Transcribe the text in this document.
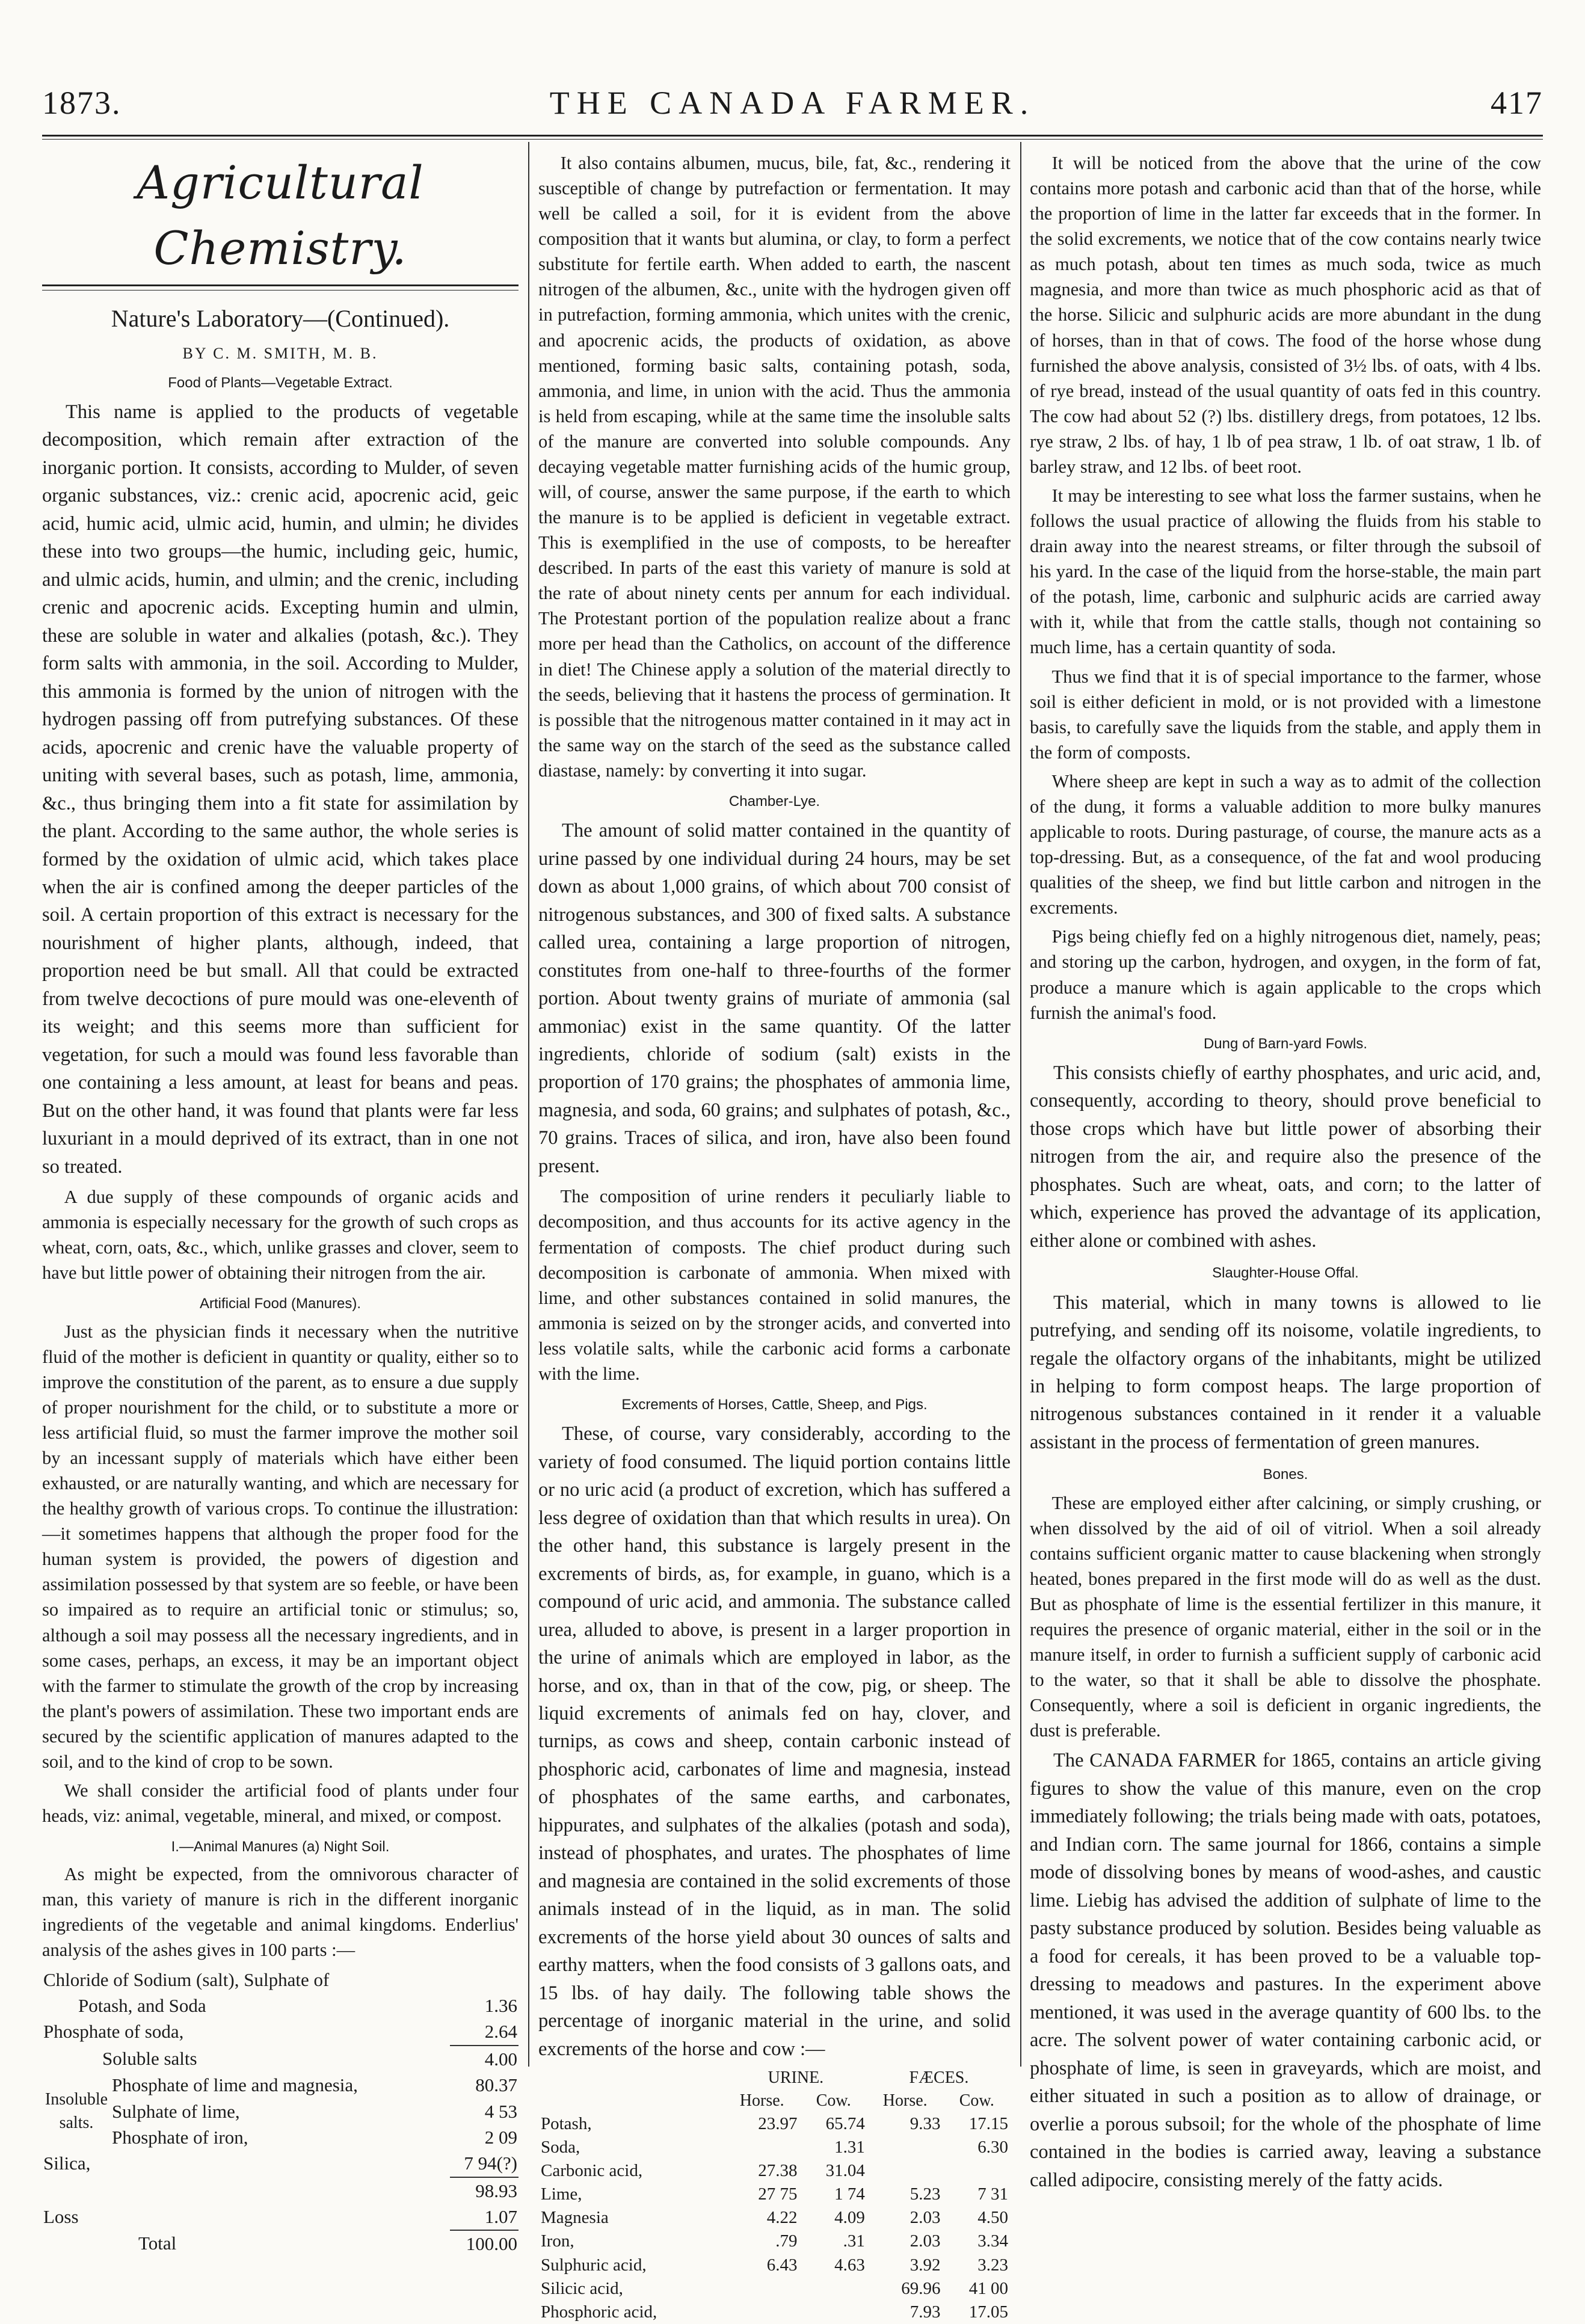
1873.	THE CANADA FARMER.	417
Agricultural Chemistry.
Nature's Laboratory—(Continued).
BY C. M. SMITH, M. B.
Food of Plants—Vegetable Extract.

This name is applied to the products of vegetable decomposition, which remain after extraction of the inorganic portion. It consists, according to Mulder, of seven organic substances, viz.: crenic acid, apocrenic acid, geic acid, humic acid, ulmic acid, humin, and ulmin; he divides these into two groups—the humic, including geic, humic, and ulmic acids, humin, and ulmin; and the crenic, including crenic and apocrenic acids. Excepting humin and ulmin, these are soluble in water and alkalies (potash, &c.). They form salts with ammonia, in the soil. According to Mulder, this ammonia is formed by the union of nitrogen with the hydrogen passing off from putrefying substances. Of these acids, apocrenic and crenic have the valuable property of uniting with several bases, such as potash, lime, ammonia, &c., thus bringing them into a fit state for assimilation by the plant. According to the same author, the whole series is formed by the oxidation of ulmic acid, which takes place when the air is confined among the deeper particles of the soil. A certain proportion of this extract is necessary for the nourishment of higher plants, although, indeed, that proportion need be but small. All that could be extracted from twelve decoctions of pure mould was one-eleventh of its weight; and this seems more than sufficient for vegetation, for such a mould was found less favorable than one containing a less amount, at least for beans and peas. But on the other hand, it was found that plants were far less luxuriant in a mould deprived of its extract, than in one not so treated.

A due supply of these compounds of organic acids and ammonia is especially necessary for the growth of such crops as wheat, corn, oats, &c., which, unlike grasses and clover, seem to have but little power of obtaining their nitrogen from the air.

Artificial Food (Manures).

Just as the physician finds it necessary when the nutritive fluid of the mother is deficient in quantity or quality, either so to improve the constitution of the parent, as to ensure a due supply of proper nourishment for the child, or to substitute a more or less artificial fluid, so must the farmer improve the mother soil by an incessant supply of materials which have either been exhausted, or are naturally wanting, and which are necessary for the healthy growth of various crops. To continue the illustration:—it sometimes happens that although the proper food for the human system is provided, the powers of digestion and assimilation possessed by that system are so feeble, or have been so impaired as to require an artificial tonic or stimulus; so, although a soil may possess all the necessary ingredients, and in some cases, perhaps, an excess, it may be an important object with the farmer to stimulate the growth of the crop by increasing the plant's powers of assimilation. These two important ends are secured by the scientific application of manures adapted to the soil, and to the kind of crop to be sown.

We shall consider the artificial food of plants under four heads, viz: animal, vegetable, mineral, and mixed, or compost.

I.—Animal Manures (a) Night Soil.

As might be expected, from the omnivorous character of man, this variety of manure is rich in the different inorganic ingredients of the vegetable and animal kingdoms. Enderlius' analysis of the ashes gives in 100 parts :—

Chloride of Sodium (salt), Sulphate of		
Potash, and Soda		1.36
Phosphate of soda,		2.64
Soluble salts		4.00
Insoluble salts.	Phosphate of lime and magnesia,	80.37
	Sulphate of lime,	4 53
	Phosphate of iron,	2 09
Silica,		7 94(?)
		98.93
Loss		1.07
Total		100.00

It also contains albumen, mucus, bile, fat, &c., rendering it susceptible of change by putrefaction or fermentation. It may well be called a soil, for it is evident from the above composition that it wants but alumina, or clay, to form a perfect substitute for fertile earth. When added to earth, the nascent nitrogen of the albumen, &c., unite with the hydrogen given off in putrefaction, forming ammonia, which unites with the crenic, and apocrenic acids, the products of oxidation, as above mentioned, forming basic salts, containing potash, soda, ammonia, and lime, in union with the acid. Thus the ammonia is held from escaping, while at the same time the insoluble salts of the manure are converted into soluble compounds. Any decaying vegetable matter furnishing acids of the humic group, will, of course, answer the same purpose, if the earth to which the manure is to be applied is deficient in vegetable extract. This is exemplified in the use of composts, to be hereafter described. In parts of the east this variety of manure is sold at the rate of about ninety cents per annum for each individual. The Protestant portion of the population realize about a franc more per head than the Catholics, on account of the difference in diet! The Chinese apply a solution of the material directly to the seeds, believing that it hastens the process of germination. It is possible that the nitrogenous matter contained in it may act in the same way on the starch of the seed as the substance called diastase, namely: by converting it into sugar.

Chamber-Lye.

The amount of solid matter contained in the quantity of urine passed by one individual during 24 hours, may be set down as about 1,000 grains, of which about 700 consist of nitrogenous substances, and 300 of fixed salts. A substance called urea, containing a large proportion of nitrogen, constitutes from one-half to three-fourths of the former portion. About twenty grains of muriate of ammonia (sal ammoniac) exist in the same quantity. Of the latter ingredients, chloride of sodium (salt) exists in the proportion of 170 grains; the phosphates of ammonia lime, magnesia, and soda, 60 grains; and sulphates of potash, &c., 70 grains. Traces of silica, and iron, have also been found present.

The composition of urine renders it peculiarly liable to decomposition, and thus accounts for its active agency in the fermentation of composts. The chief product during such decomposition is carbonate of ammonia. When mixed with lime, and other substances contained in solid manures, the ammonia is seized on by the stronger acids, and converted into less volatile salts, while the carbonic acid forms a carbonate with the lime.

Excrements of Horses, Cattle, Sheep, and Pigs.

These, of course, vary considerably, according to the variety of food consumed. The liquid portion contains little or no uric acid (a product of excretion, which has suffered a less degree of oxidation than that which results in urea). On the other hand, this substance is largely present in the excrements of birds, as, for example, in guano, which is a compound of uric acid, and ammonia. The substance called urea, alluded to above, is present in a larger proportion in the urine of animals which are employed in labor, as the horse, and ox, than in that of the cow, pig, or sheep. The liquid excrements of animals fed on hay, clover, and turnips, as cows and sheep, contain carbonic instead of phosphoric acid, carbonates of lime and magnesia, instead of phosphates of the same earths, and carbonates, hippurates, and sulphates of the alkalies (potash and soda), instead of phosphates, and urates. The phosphates of lime and magnesia are contained in the solid excrements of those animals instead of in the liquid, as in man. The solid excrements of the horse yield about 30 ounces of salts and earthy matters, when the food consists of 3 gallons oats, and 15 lbs. of hay daily. The following table shows the percentage of inorganic material in the urine, and solid excrements of the horse and cow :—

	URINE.		FÆCES.	
	Horse.	Cow.	Horse.	Cow.
Potash,	23.97	65.74	9.33	17.15
Soda,		1.31		6.30
Carbonic acid,	27.38	31.04		
Lime,	27 75	1 74	5.23	7 31
Magnesia	4.22	4.09	2.03	4.50
Iron,	.79	.31	2.03	3.34
Sulphuric acid,	6.43	4.63	3.92	3.23
Silicic acid,			69.96	41 00
Phosphoric acid,			7.93	17.05

It will be noticed from the above that the urine of the cow contains more potash and carbonic acid than that of the horse, while the proportion of lime in the latter far exceeds that in the former. In the solid excrements, we notice that of the cow contains nearly twice as much potash, about ten times as much soda, twice as much magnesia, and more than twice as much phosphoric acid as that of the horse. Silicic and sulphuric acids are more abundant in the dung of horses, than in that of cows. The food of the horse whose dung furnished the above analysis, consisted of 3½ lbs. of oats, with 4 lbs. of rye bread, instead of the usual quantity of oats fed in this country. The cow had about 52 (?) lbs. distillery dregs, from potatoes, 12 lbs. rye straw, 2 lbs. of hay, 1 lb of pea straw, 1 lb. of oat straw, 1 lb. of barley straw, and 12 lbs. of beet root.

It may be interesting to see what loss the farmer sustains, when he follows the usual practice of allowing the fluids from his stable to drain away into the nearest streams, or filter through the subsoil of his yard. In the case of the liquid from the horse-stable, the main part of the potash, lime, carbonic and sulphuric acids are carried away with it, while that from the cattle stalls, though not containing so much lime, has a certain quantity of soda.

Thus we find that it is of special importance to the farmer, whose soil is either deficient in mold, or is not provided with a limestone basis, to carefully save the liquids from the stable, and apply them in the form of composts.

Where sheep are kept in such a way as to admit of the collection of the dung, it forms a valuable addition to more bulky manures applicable to roots. During pasturage, of course, the manure acts as a top-dressing. But, as a consequence, of the fat and wool producing qualities of the sheep, we find but little carbon and nitrogen in the excrements.

Pigs being chiefly fed on a highly nitrogenous diet, namely, peas; and storing up the carbon, hydrogen, and oxygen, in the form of fat, produce a manure which is again applicable to the crops which furnish the animal's food.

Dung of Barn-yard Fowls.

This consists chiefly of earthy phosphates, and uric acid, and, consequently, according to theory, should prove beneficial to those crops which have but little power of absorbing their nitrogen from the air, and require also the presence of the phosphates. Such are wheat, oats, and corn; to the latter of which, experience has proved the advantage of its application, either alone or combined with ashes.

Slaughter-House Offal.

This material, which in many towns is allowed to lie putrefying, and sending off its noisome, volatile ingredients, to regale the olfactory organs of the inhabitants, might be utilized in helping to form compost heaps. The large proportion of nitrogenous substances contained in it render it a valuable assistant in the process of fermentation of green manures.

Bones.

These are employed either after calcining, or simply crushing, or when dissolved by the aid of oil of vitriol. When a soil already contains sufficient organic matter to cause blackening when strongly heated, bones prepared in the first mode will do as well as the dust. But as phosphate of lime is the essential fertilizer in this manure, it requires the presence of organic material, either in the soil or in the manure itself, in order to furnish a sufficient supply of carbonic acid to the water, so that it shall be able to dissolve the phosphate. Consequently, where a soil is deficient in organic ingredients, the dust is preferable.

The CANADA FARMER for 1865, contains an article giving figures to show the value of this manure, even on the crop immediately following; the trials being made with oats, potatoes, and Indian corn. The same journal for 1866, contains a simple mode of dissolving bones by means of wood-ashes, and caustic lime. Liebig has advised the addition of sulphate of lime to the pasty substance produced by solution. Besides being valuable as a food for cereals, it has been proved to be a valuable top-dressing to meadows and pastures. In the experiment above mentioned, it was used in the average quantity of 600 lbs. to the acre. The solvent power of water containing carbonic acid, or phosphate of lime, is seen in graveyards, which are moist, and either situated in such a position as to allow of drainage, or overlie a porous subsoil; for the whole of the phosphate of lime contained in the bodies is carried away, leaving a substance called adipocire, consisting merely of the fatty acids.
